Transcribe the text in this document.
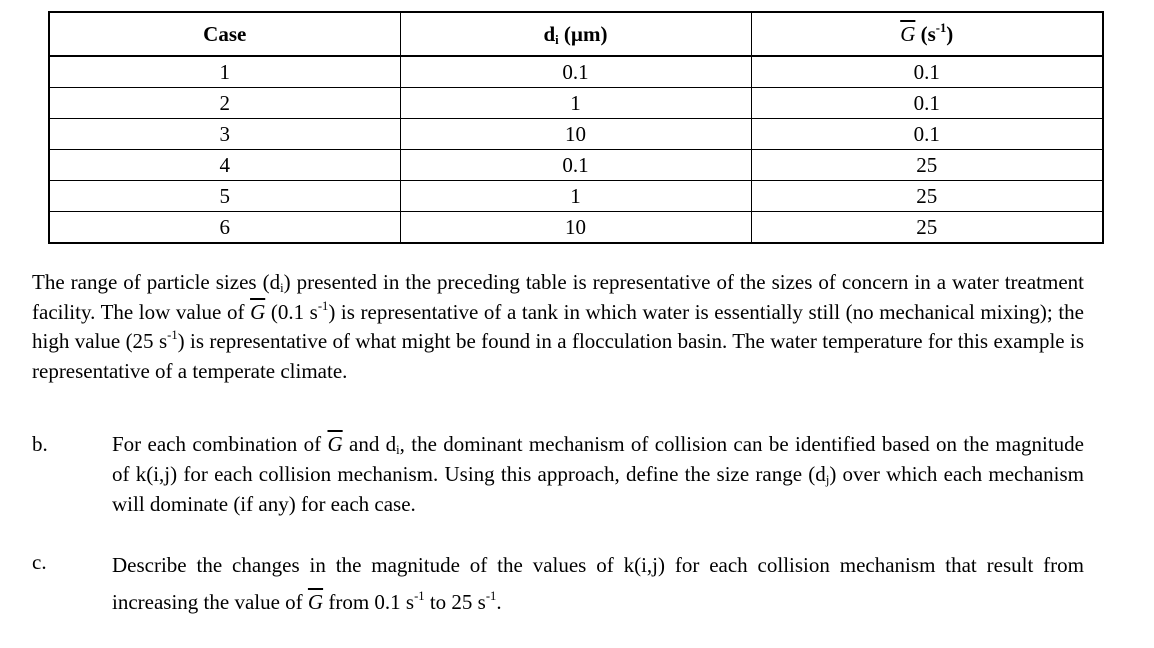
Case	$d_i$ (µm)	$\overline{G}$ $(s^{-1})$
1	0.1	0.1
2	1	0.1
3	10	0.1
4	0.1	25
5	1	25
6	10	25

The range of particle sizes $(d_i)$ presented in the preceding table is representative of the sizes of concern in a water treatment facility. The low value of $\overline{G}$ (0.1 $s^{-1}$) is representative of a tank in which water is essentially still (no mechanical mixing); the high value (25 $s^{-1}$) is representative of what might be found in a flocculation basin. The water temperature for this example is representative of a temperate climate.

b.	For each combination of $\overline{G}$ and $d_i$, the dominant mechanism of collision can be identified based on the magnitude of k(i,j) for each collision mechanism. Using this approach, define the size range $(d_j)$ over which each mechanism will dominate (if any) for each case.
c.	Describe the changes in the magnitude of the values of k(i,j) for each collision mechanism that result from increasing the value of $\overline{G}$ from 0.1 $s^{-1}$ to 25 $s^{-1}$.
